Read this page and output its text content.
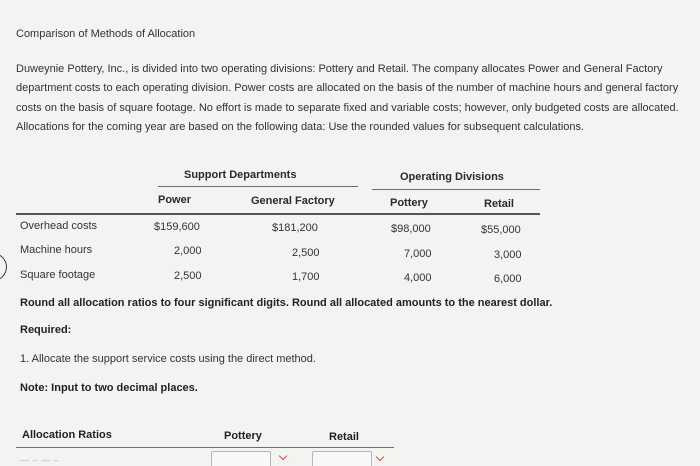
Comparison of Methods of Allocation
Duweynie Pottery, Inc., is divided into two operating divisions: Pottery and Retail. The company allocates Power and General Factory department costs to each operating division. Power costs are allocated on the basis of the number of machine hours and general factory costs on the basis of square footage. No effort is made to separate fixed and variable costs; however, only budgeted costs are allocated. Allocations for the coming year are based on the following data: Use the rounded values for subsequent calculations.
Support Departments	Operating Divisions
Power	General Factory	Pottery	Retail
Overhead costs	$159,600	$181,200	$98,000	$55,000
Machine hours	2,000	2,500	7,000	3,000
Square footage	2,500	1,700	4,000	6,000
Round all allocation ratios to four significant digits. Round all allocated amounts to the nearest dollar.
Required:
1. Allocate the support service costs using the direct method.
Note: Input to two decimal places.
Allocation Ratios	Pottery	Retail
— – — –
